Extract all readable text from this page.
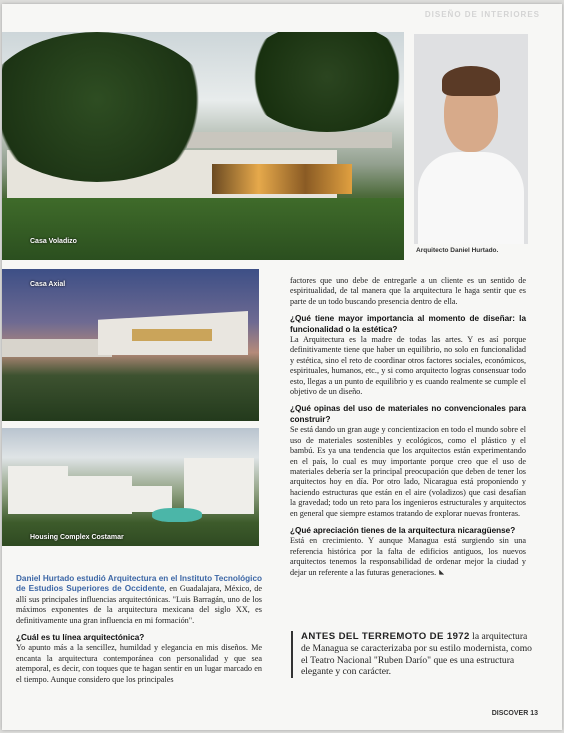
DISEÑO DE INTERIORES
Casa Voladizo
Arquitecto Daniel Hurtado.
Casa Axial
Housing Complex Costamar

Daniel Hurtado estudió Arquitectura en el Instituto Tecnológico de Estudios Superiores de Occidente, en Guadalajara, México, de allí sus principales influencias arquitectónicas. "Luis Barragán, uno de los máximos exponentes de la arquitectura mexicana del siglo XX, es definitivamente una gran influencia en mi formación".

¿Cuál es tu línea arquitectónica?

Yo apunto más a la sencillez, humildad y elegancia en mis diseños. Me encanta la arquitectura contemporánea con personalidad y que sea atemporal, es decir, con toques que te hagan sentir en un lugar marcado en el tiempo. Aunque considero que los principales

factores que uno debe de entregarle a un cliente es un sentido de espiritualidad, de tal manera que la arquitectura le haga sentir que es parte de un todo buscando presencia dentro de ella.

¿Qué tiene mayor importancia al momento de diseñar: la funcionalidad o la estética?

La Arquitectura es la madre de todas las artes. Y es así porque definitivamente tiene que haber un equilibrio, no solo en funcionalidad y estética, sino el reto de coordinar otros factores sociales, económicos, espirituales, humanos, etc., y si como arquitecto logras consensuar todo esto, llegas a un punto de equilibrio y es cuando realmente se cumple el objetivo de un diseño.

¿Qué opinas del uso de materiales no convencionales para construir?

Se está dando un gran auge y concientizacion en todo el mundo sobre el uso de materiales sostenibles y ecológicos, como el plástico y el bambú. Es ya una tendencia que los arquitectos están experimentando en el país, lo cual es muy importante porque creo que el uso de materiales debería ser la principal preocupación que deben de tener los arquitectos hoy en día. Por otro lado, Nicaragua está proponiendo y haciendo estructuras que están en el aire (voladizos) que casi desafían la gravedad; todo un reto para los ingenieros estructurales y arquitectos en general que siempre estamos tratando de explorar nuevas fronteras.

¿Qué apreciación tienes de la arquitectura nicaragüense?

Está en crecimiento. Y aunque Managua está surgiendo sin una referencia histórica por la falta de edificios antiguos, los nuevos arquitectos tenemos la responsabilidad de ordenar mejor la ciudad y dejar un referente a las futuras generaciones.

ANTES DEL TERREMOTO DE 1972 la arquitectura de Managua se caracterizaba por su estilo modernista, como el Teatro Nacional "Ruben Darío" que es una estructura elegante y con carácter.
DISCOVER 13
